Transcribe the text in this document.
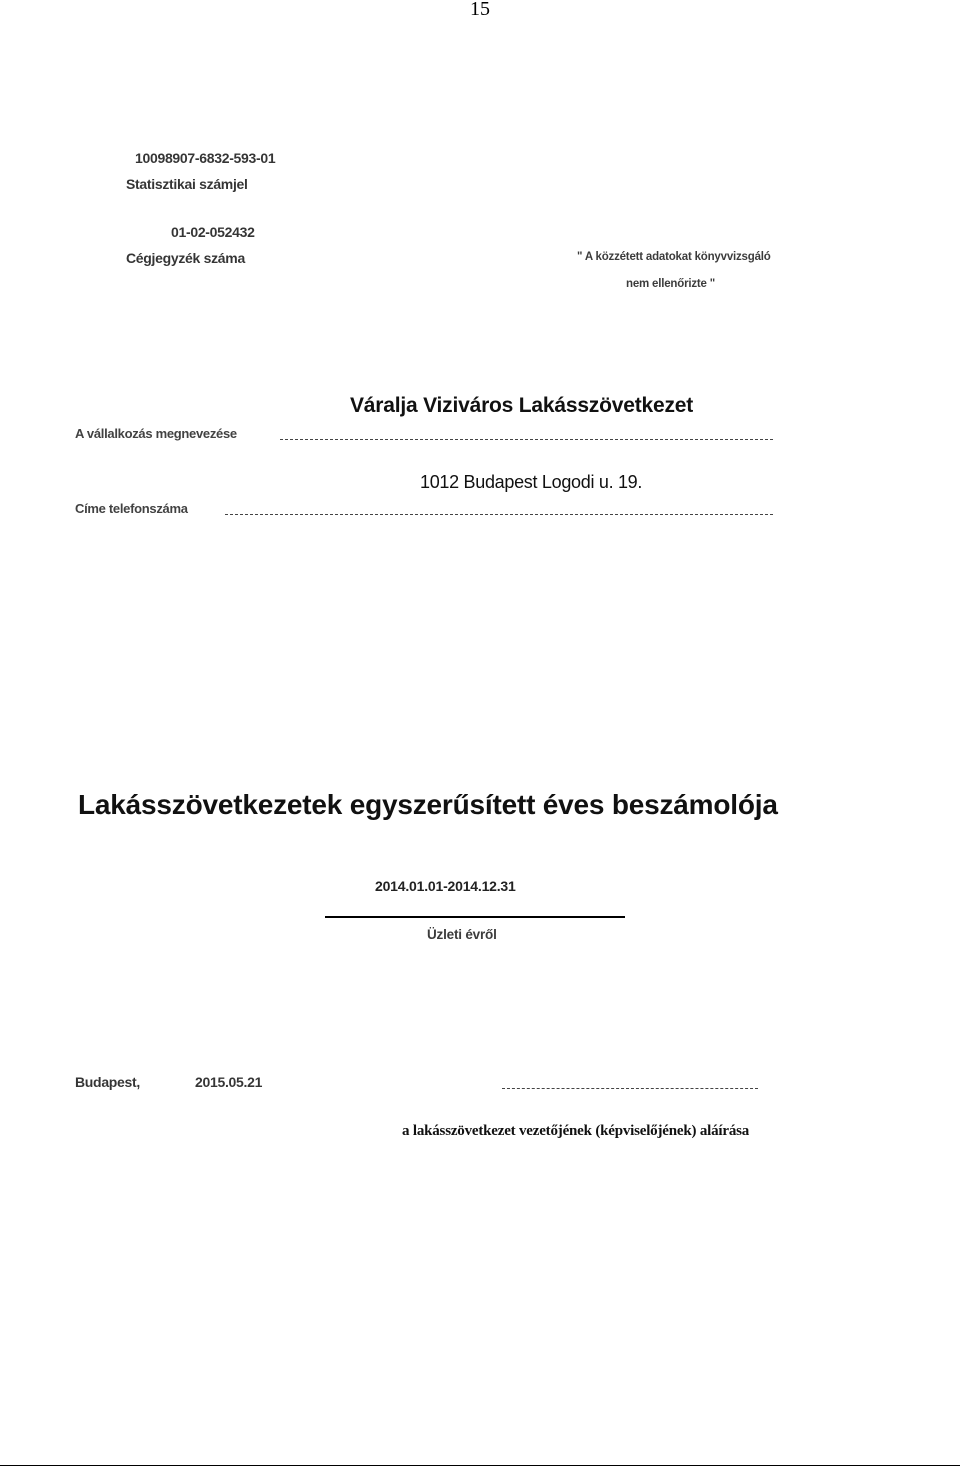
15
10098907-6832-593-01
Statisztikai számjel
01-02-052432
Cégjegyzék száma	" A közzétett adatokat könyvvizsgáló
nem ellenőrizte "
Váralja Viziváros Lakásszövetkezet
A vállalkozás megnevezése
1012 Budapest Logodi u. 19.
Címe telefonszáma
Lakásszövetkezetek egyszerűsített éves beszámolója
2014.01.01-2014.12.31
Üzleti évről
Budapest,	2015.05.21
a lakásszövetkezet vezetőjének (képviselőjének) aláírása
